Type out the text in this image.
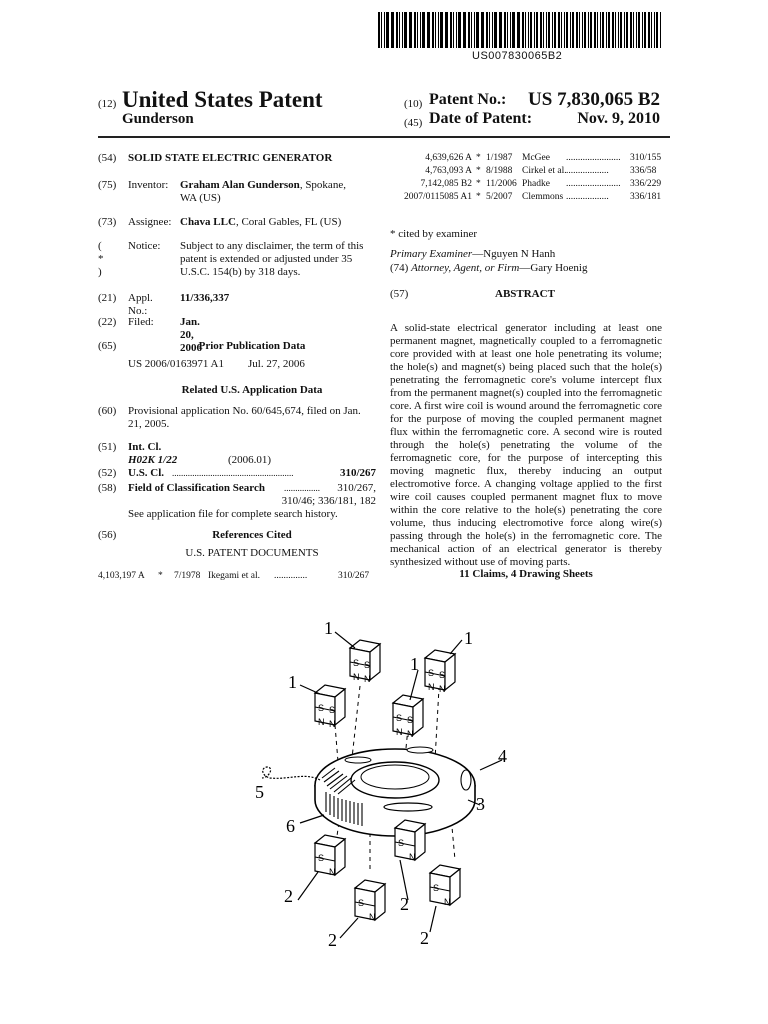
US007830065B2
(12) United States Patent
Gunderson
(10) Patent No.: US 7,830,065 B2
(45) Date of Patent:	Nov. 9, 2010
(54) SOLID STATE ELECTRIC GENERATOR
(75) Inventor: Graham Alan Gunderson, Spokane,
WA (US)
(73) Assignee: Chava LLC, Coral Gables, FL (US)
( * )
Notice: Subject to any disclaimer, the term of this
patent is extended or adjusted under 35
U.S.C. 154(b) by 318 days.
(21) Appl. No.:
11/336,337
(22) Filed: Jan. 20, 2006
(65)	Prior Publication Data
US 2006/0163971 A1 Jul. 27, 2006
Related U.S. Application Data
(60) Provisional application No. 60/645,674, filed on Jan.
21, 2005.
(51) Int. Cl.
H02K 1/22	(2006.01)
(52) U.S. Cl. ......................................................	310/267
(58) Field of Classification Search ................ 310/267,
310/46; 336/181, 182
See application file for complete search history.
(56)	References Cited
U.S. PATENT DOCUMENTS
4,103,197 A * 7/1978 Ikegami et al. ..............	310/267
4,639,626 A * 1/1987 McGee ....................... 310/155
4,763,093 A * 8/1988 Cirkel et al. ..................	336/58
7,142,085 B2 * 11/2006 Phadke ....................... 336/229
2007/0115085 A1 * 5/2007 Clemmons ..................	336/181
* cited by examiner
Primary Examiner—Nguyen N Hanh
(74) Attorney, Agent, or Firm—Gary Hoenig
(57)	ABSTRACT
A solid-state electrical generator including at least one permanent magnet, magnetically coupled to a ferromagnetic core provided with at least one hole penetrating its volume; the hole(s) and magnet(s) being placed such that the hole(s) penetrating the ferromagnetic core's volume intercept flux from the permanent magnet(s) coupled into the ferromagnetic core. A first wire coil is wound around the ferromagnetic core for the purpose of moving the coupled permanent magnet flux within the ferromagnetic core. A second wire is routed through the hole(s) penetrating the volume of the ferromagnetic core, for the purpose of intercepting this moving magnetic flux, thereby inducing an output electromotive force. A changing voltage applied to the first wire coil causes coupled permanent magnet flux to move within the core relative to the hole(s) penetrating the core volume, thus inducing electromotive force along wire(s) passing through the hole(s) in the ferromagnetic core. The mechanical action of an electrical generator is thereby synthesized without use of moving parts.
11 Claims, 4 Drawing Sheets
S S
N N
S S
N N
S S
N N
S S
N N
S
N
S
N
S
N
S
N
1	1
1
1
4
3
5
6
2
2
2
2
